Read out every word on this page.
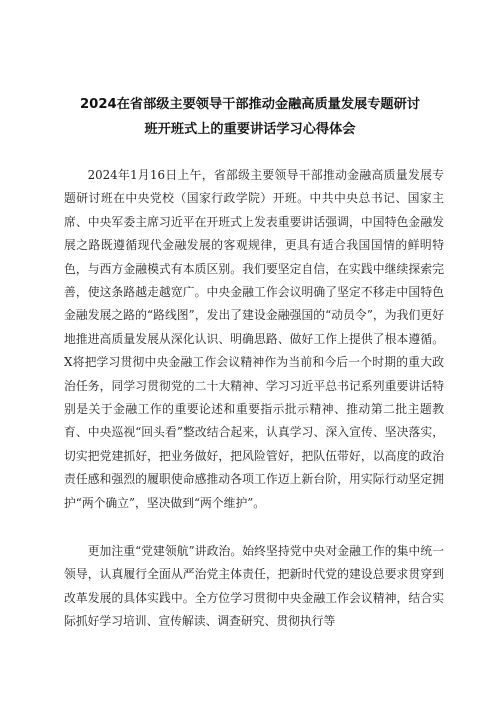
2024在省部级主要领导干部推动金融高质量发展专题研讨
班开班式上的重要讲话学习心得体会

2024年1月16日上午，省部级主要领导干部推动金融高质量发展专题研讨班在中央党校（国家行政学院）开班。中共中央总书记、国家主席、中央军委主席习近平在开班式上发表重要讲话强调，中国特色金融发展之路既遵循现代金融发展的客观规律，更具有适合我国国情的鲜明特色，与西方金融模式有本质区别。我们要坚定自信，在实践中继续探索完善，使这条路越走越宽广。中央金融工作会议明确了坚定不移走中国特色金融发展之路的“路线图”，发出了建设金融强国的“动员令”，为我们更好地推进高质量发展从深化认识、明确思路、做好工作上提供了根本遵循。X将把学习贯彻中央金融工作会议精神作为当前和今后一个时期的重大政治任务，同学习贯彻党的二十大精神、学习习近平总书记系列重要讲话特别是关于金融工作的重要论述和重要指示批示精神、推动第二批主题教育、中央巡视“回头看”整改结合起来，认真学习、深入宣传、坚决落实，切实把党建抓好，把业务做好，把风险管好，把队伍带好，以高度的政治责任感和强烈的履职使命感推动各项工作迈上新台阶，用实际行动坚定拥护“两个确立”，坚决做到“两个维护”。

更加注重“党建领航”讲政治。始终坚持党中央对金融工作的集中统一领导，认真履行全面从严治党主体责任，把新时代党的建设总要求贯穿到改革发展的具体实践中。全方位学习贯彻中央金融工作会议精神，结合实际抓好学习培训、宣传解读、调查研究、贯彻执行等
